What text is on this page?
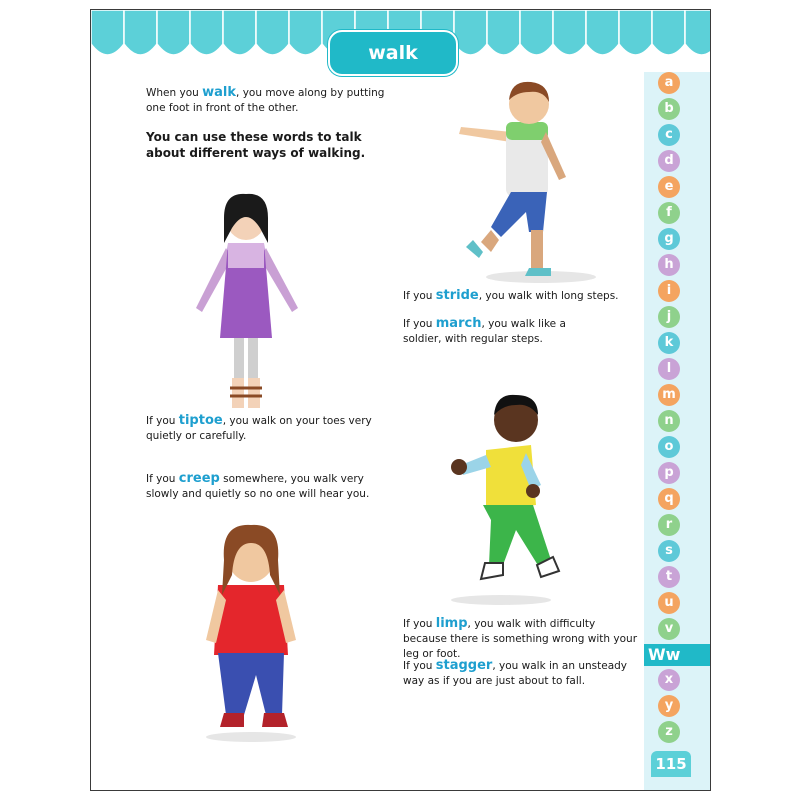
walk
When you walk, you move along by putting one foot in front of the other.
You can use these words to talk about different ways of walking.
If you tiptoe, you walk on your toes very quietly or carefully.
If you creep somewhere, you walk very slowly and quietly so no one will hear you.
If you stride, you walk with long steps.
If you march, you walk like a soldier, with regular steps.
If you limp, you walk with difficulty because there is something wrong with your leg or foot.
If you stagger, you walk in an unsteady way as if you are just about to fall.
Ww
115
a
b
c
d
e
f
g
h
i
j
k
l
m
n
o
p
q
r
s
t
u
v
x
y
z
